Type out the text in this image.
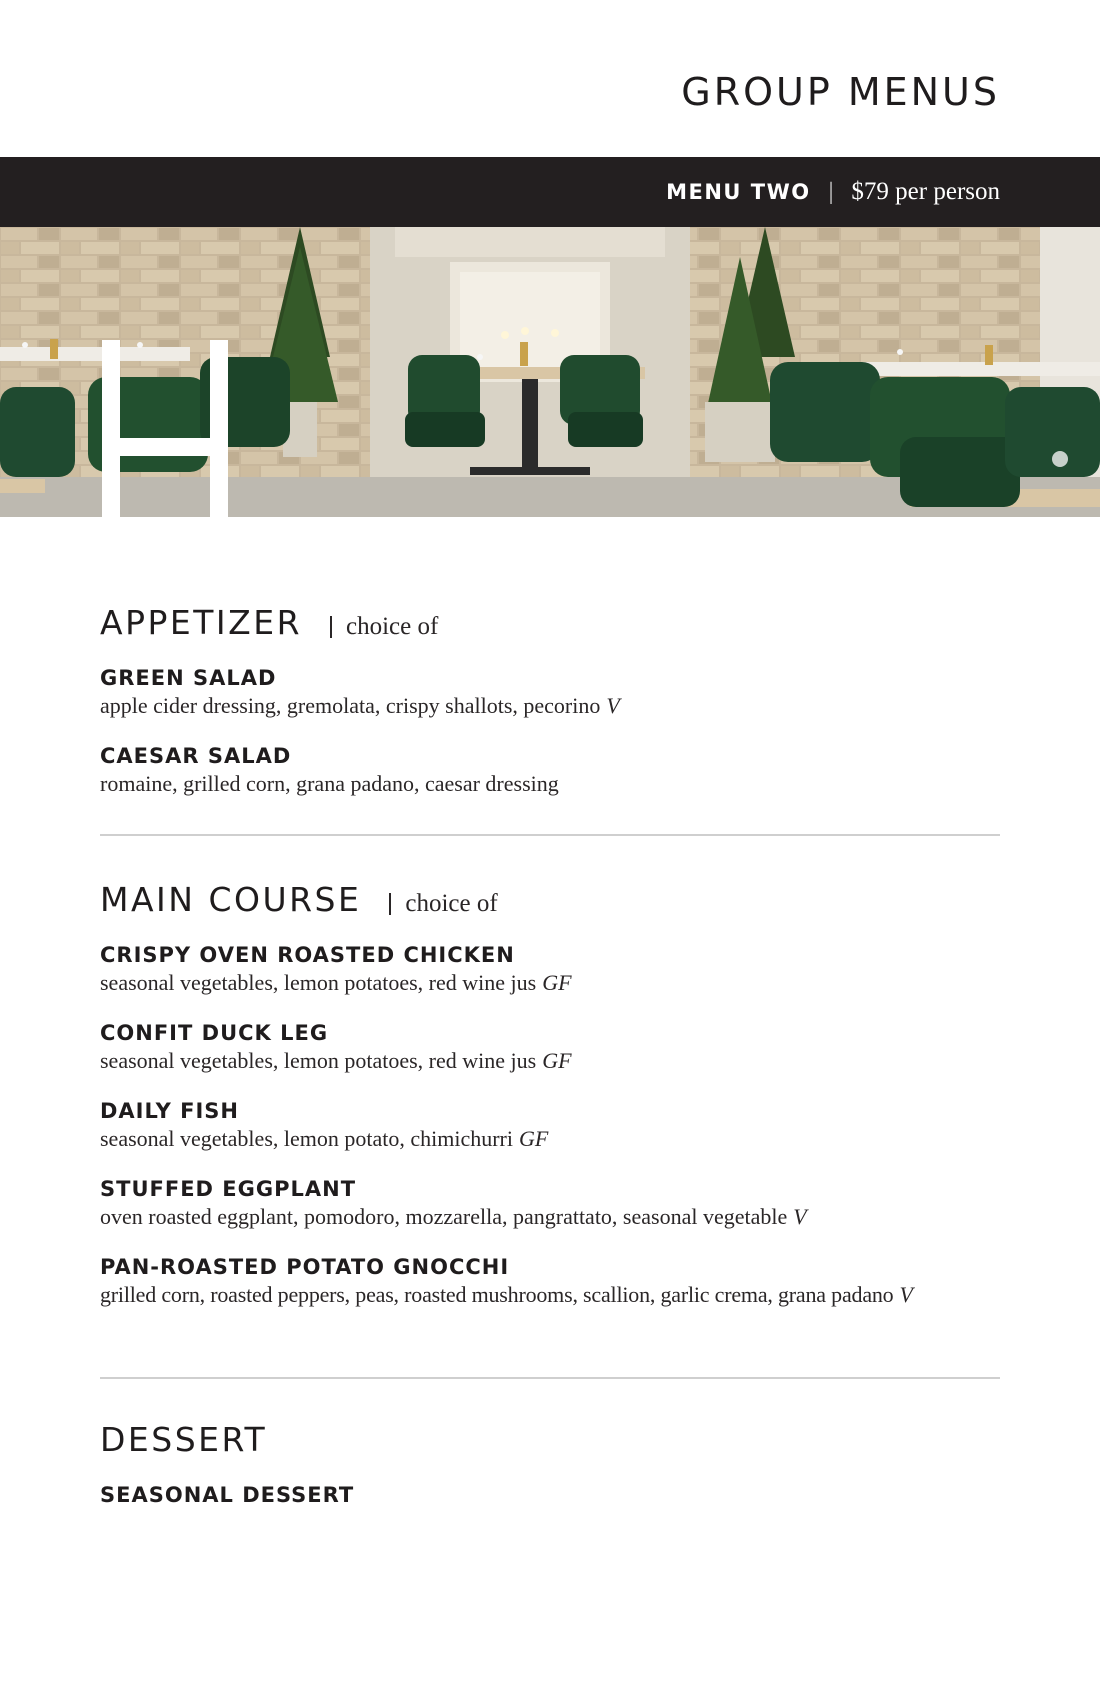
GROUP MENUS
MENU TWO | $79 per person
APPETIZER	choice of

GREEN SALAD

apple cider dressing, gremolata, crispy shallots, pecorino V

CAESAR SALAD

romaine, grilled corn, grana padano, caesar dressing

MAIN COURSE	choice of

CRISPY OVEN ROASTED CHICKEN

seasonal vegetables, lemon potatoes, red wine jus GF

CONFIT DUCK LEG

seasonal vegetables, lemon potatoes, red wine jus GF

DAILY FISH

seasonal vegetables, lemon potato, chimichurri GF

STUFFED EGGPLANT

oven roasted eggplant, pomodoro, mozzarella, pangrattato, seasonal vegetable V

PAN-ROASTED POTATO GNOCCHI

grilled corn, roasted peppers, peas, roasted mushrooms, scallion, garlic crema, grana padano V

DESSERT

SEASONAL DESSERT
